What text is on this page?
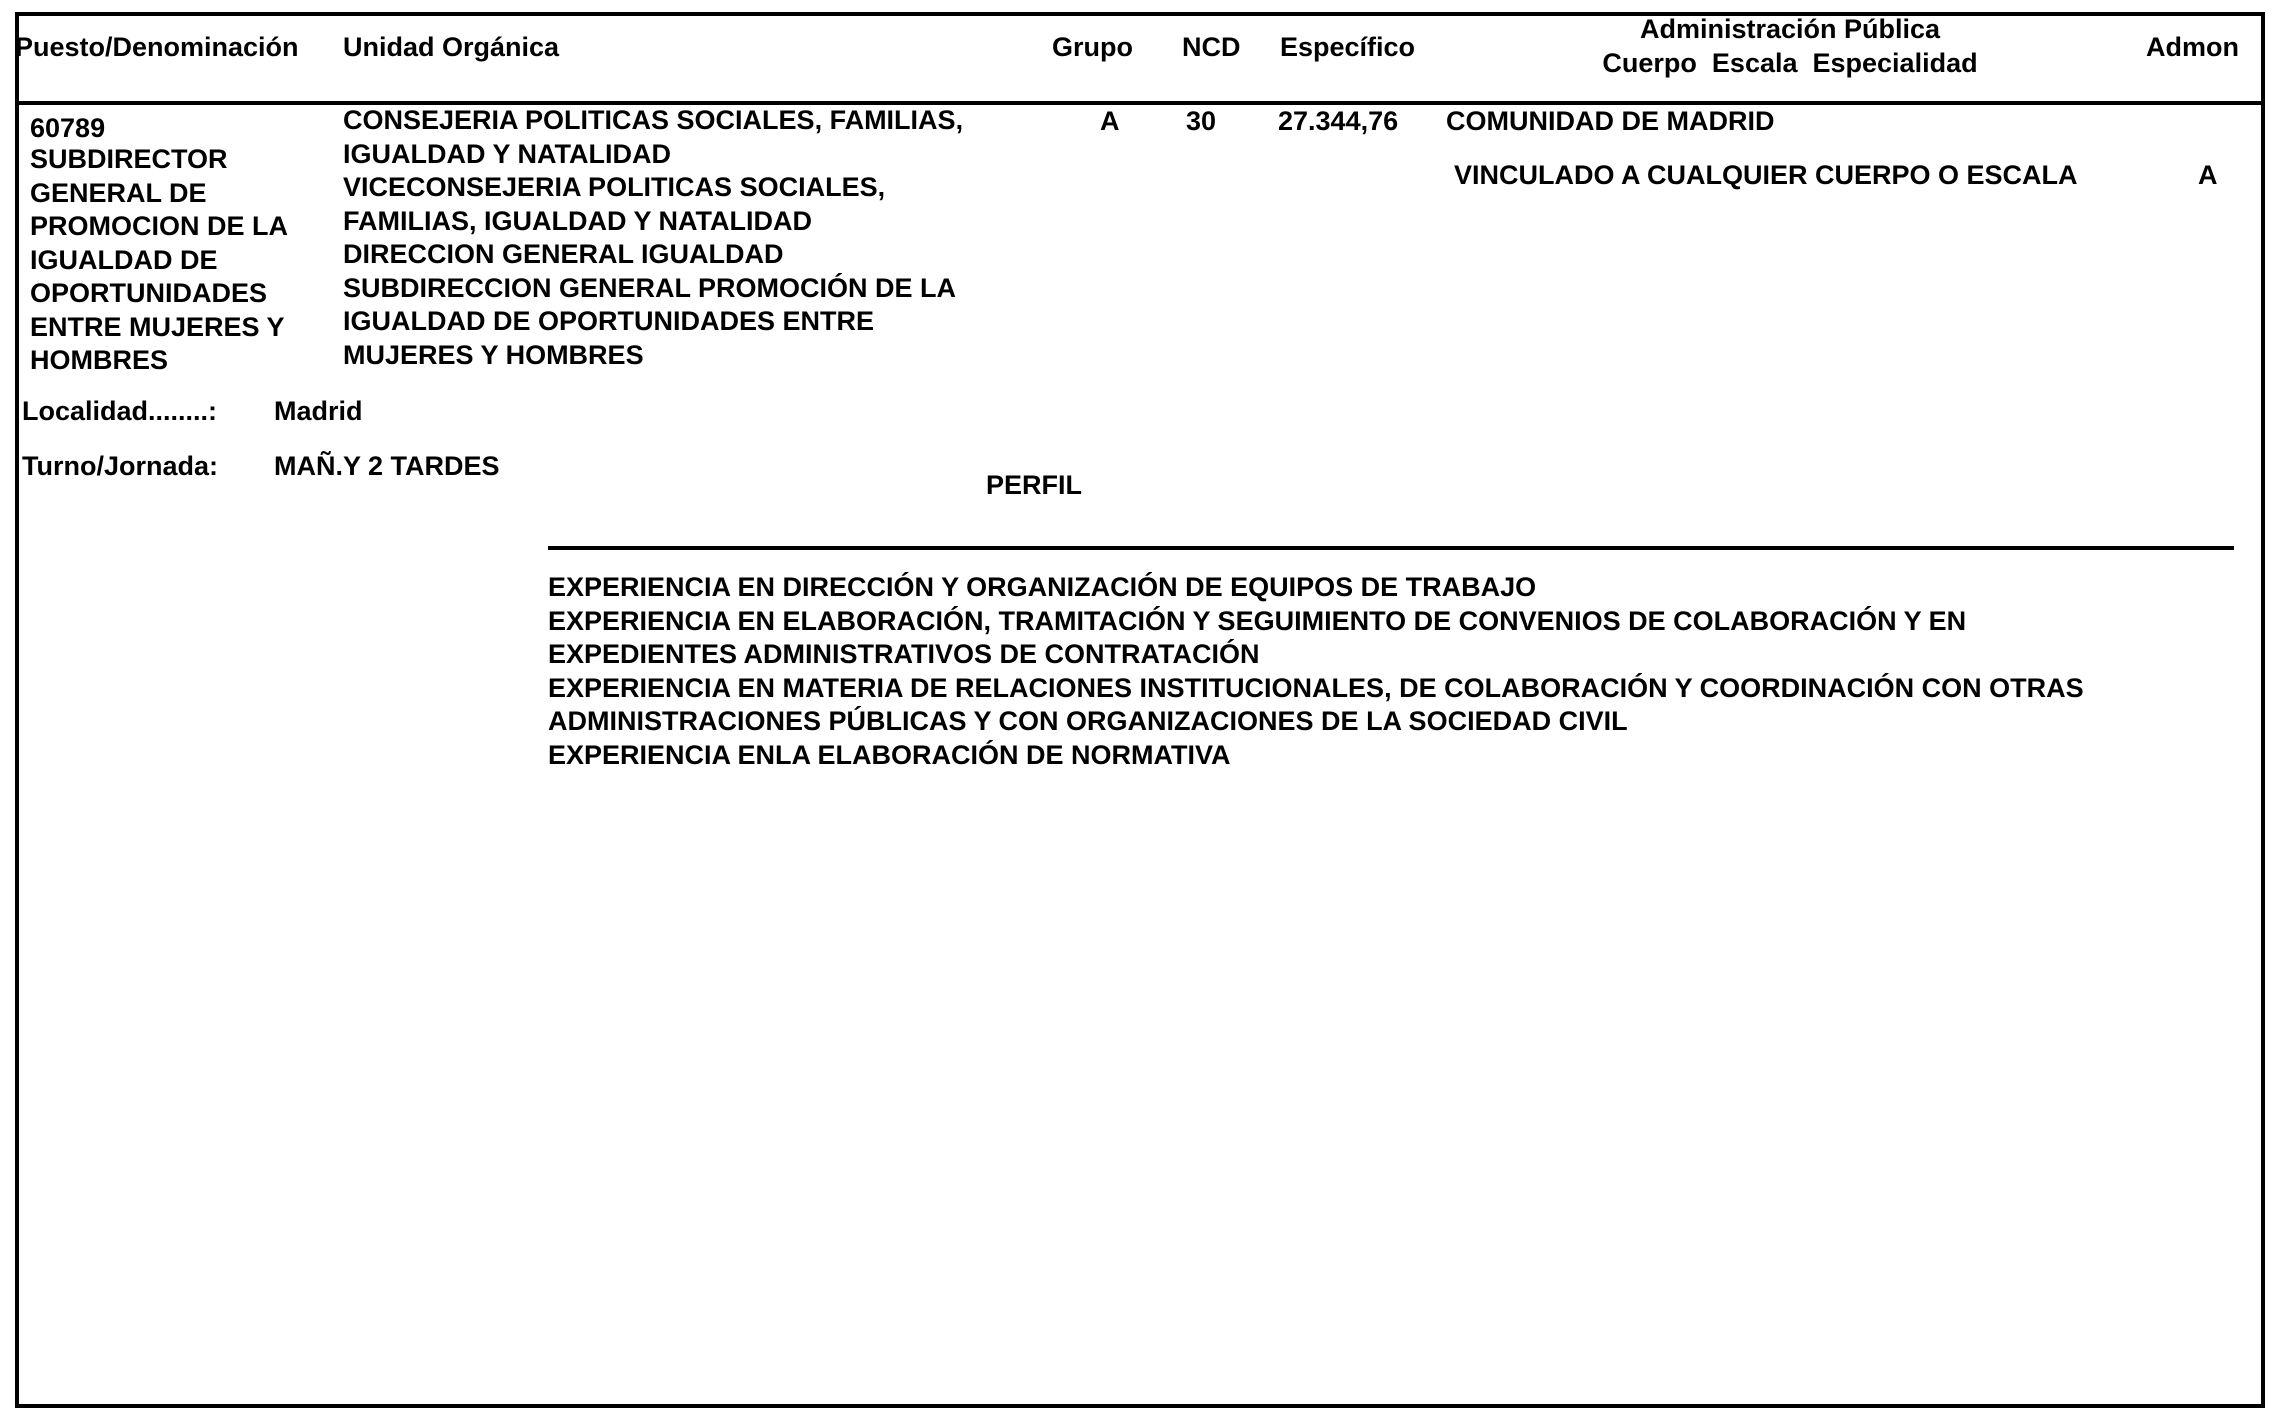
Puesto/Denominación Unidad Orgánica	Grupo NCD Específico
Administración Pública
Cuerpo  Escala  Especialidad
Admon
60789
SUBDIRECTOR
GENERAL DE
PROMOCION DE LA
IGUALDAD DE
OPORTUNIDADES
ENTRE MUJERES Y
HOMBRES
CONSEJERIA POLITICAS SOCIALES, FAMILIAS,
IGUALDAD Y NATALIDAD
VICECONSEJERIA POLITICAS SOCIALES,
FAMILIAS, IGUALDAD Y NATALIDAD
DIRECCION GENERAL IGUALDAD
SUBDIRECCION GENERAL PROMOCIÓN DE LA
IGUALDAD DE OPORTUNIDADES ENTRE
MUJERES Y HOMBRES
A 30 27.344,76 COMUNIDAD DE MADRID
VINCULADO A CUALQUIER CUERPO O ESCALA	A
Localidad........: Madrid
Turno/Jornada: MAÑ.Y 2 TARDES
PERFIL
EXPERIENCIA EN DIRECCIÓN Y ORGANIZACIÓN DE EQUIPOS DE TRABAJO
EXPERIENCIA EN ELABORACIÓN, TRAMITACIÓN Y SEGUIMIENTO DE CONVENIOS DE COLABORACIÓN Y EN
EXPEDIENTES ADMINISTRATIVOS DE CONTRATACIÓN
EXPERIENCIA EN MATERIA DE RELACIONES INSTITUCIONALES, DE COLABORACIÓN Y COORDINACIÓN CON OTRAS
ADMINISTRACIONES PÚBLICAS Y CON ORGANIZACIONES DE LA SOCIEDAD CIVIL
EXPERIENCIA ENLA ELABORACIÓN DE NORMATIVA
